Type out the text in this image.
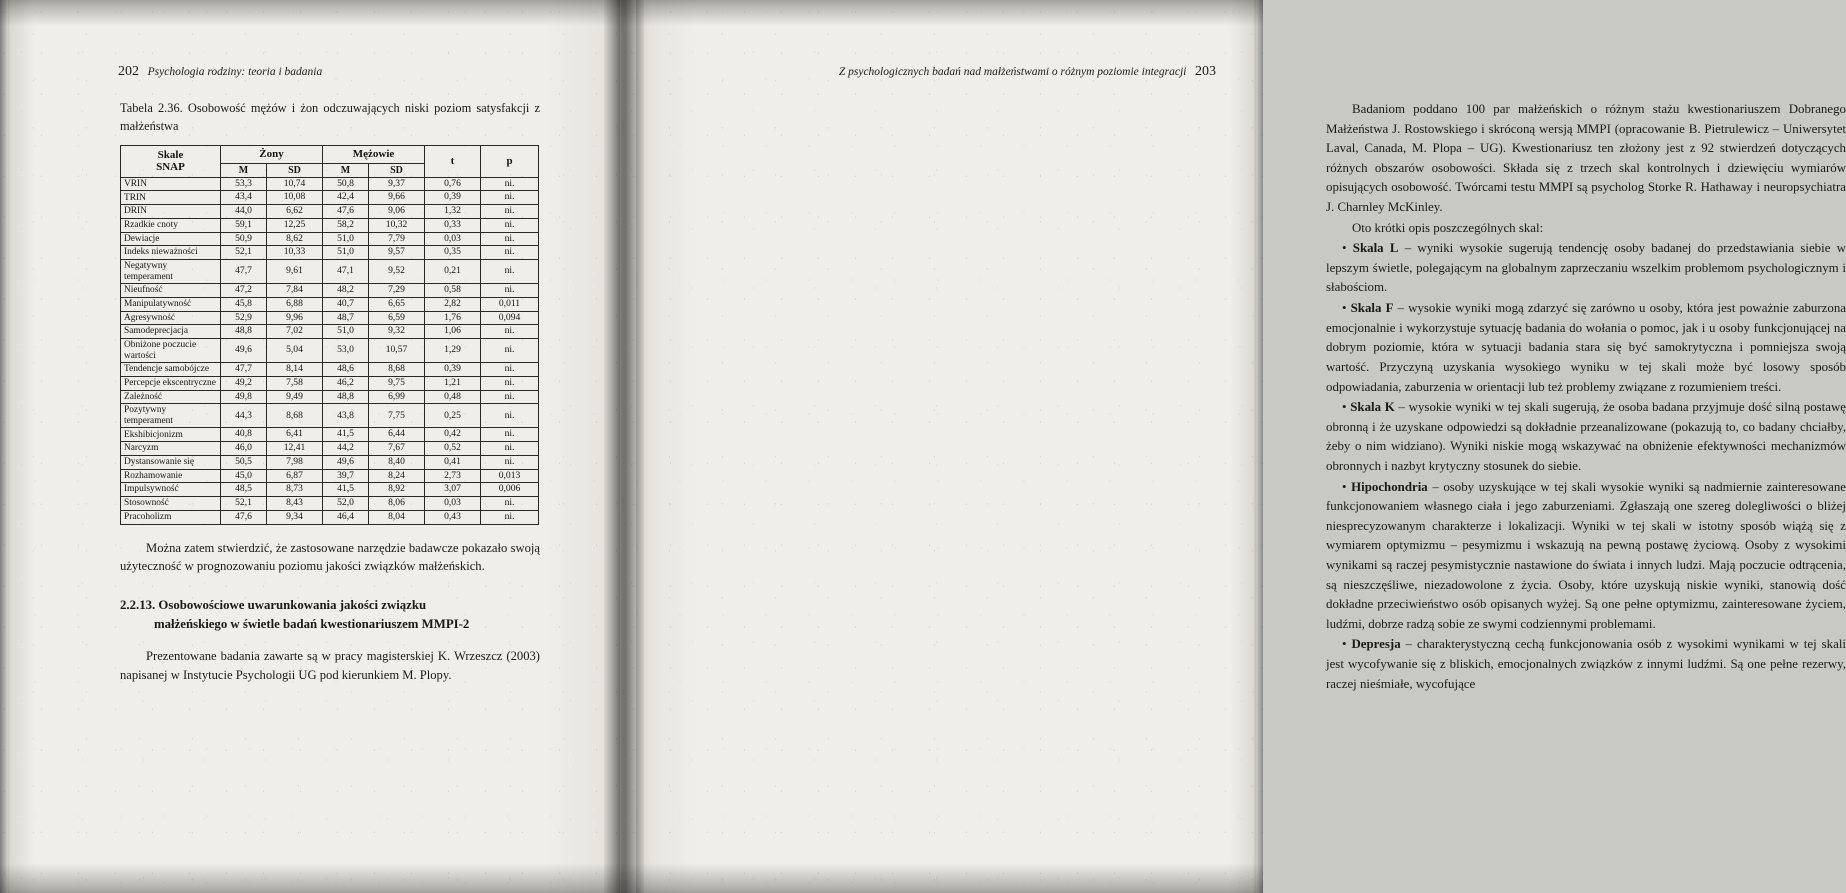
202 Psychologia rodziny: teoria i badania

Tabela 2.36. Osobowość mężów i żon odczuwających niski poziom satysfakcji z małżeństwa

Skale
SNAP	Żony		Mężowie		t	p
	M	SD	M	SD		
VRIN	53,3	10,74	50,8	9,37	0,76	ni.
TRIN	43,4	10,08	42,4	9,66	0,39	ni.
DRIN	44,0	6,62	47,6	9,06	1,32	ni.
Rzadkie cnoty	59,1	12,25	58,2	10,32	0,33	ni.
Dewiacje	50,9	8,62	51,0	7,79	0,03	ni.
Indeks nieważności	52,1	10,33	51,0	9,57	0,35	ni.
Negatywny temperament	47,7	9,61	47,1	9,52	0,21	ni.
Nieufność	47,2	7,84	48,2	7,29	0,58	ni.
Manipulatywność	45,8	6,88	40,7	6,65	2,82	0,011
Agresywność	52,9	9,96	48,7	6,59	1,76	0,094
Samodeprecjacja	48,8	7,02	51,0	9,32	1,06	ni.
Obniżone poczucie wartości	49,6	5,04	53,0	10,57	1,29	ni.
Tendencje samobójcze	47,7	8,14	48,6	8,68	0,39	ni.
Percepcje ekscentryczne	49,2	7,58	46,2	9,75	1,21	ni.
Zależność	49,8	9,49	48,8	6,99	0,48	ni.
Pozytywny temperament	44,3	8,68	43,8	7,75	0,25	ni.
Ekshibicjonizm	40,8	6,41	41,5	6,44	0,42	ni.
Narcyzm	46,0	12,41	44,2	7,67	0,52	ni.
Dystansowanie się	50,5	7,98	49,6	8,40	0,41	ni.
Rozhamowanie	45,0	6,87	39,7	8,24	2,73	0,013
Impulsywność	48,5	8,73	41,5	8,92	3,07	0,006
Stosowność	52,1	8,43	52,0	8,06	0,03	ni.
Pracoholizm	47,6	9,34	46,4	8,04	0,43	ni.

Można zatem stwierdzić, że zastosowane narzędzie badawcze pokazało swoją użyteczność w prognozowaniu poziomu jakości związków małżeńskich.

2.2.13. Osobowościowe uwarunkowania jakości związku
małżeńskiego w świetle badań kwestionariuszem MMPI-2

Prezentowane badania zawarte są w pracy magisterskiej K. Wrzeszcz (2003) napisanej w Instytucie Psychologii UG pod kierunkiem M. Plopy.

Z psychologicznych badań nad małżeństwami o różnym poziomie integracji 203

Badaniom poddano 100 par małżeńskich o różnym stażu kwestionariuszem Dobranego Małżeństwa J. Rostowskiego i skróconą wersją MMPI (opracowanie B. Pietrulewicz – Uniwersytet Laval, Canada, M. Plopa – UG). Kwestionariusz ten złożony jest z 92 stwierdzeń dotyczących różnych obszarów osobowości. Składa się z trzech skal kontrolnych i dziewięciu wymiarów opisujących osobowość. Twórcami testu MMPI są psycholog Storke R. Hathaway i neuropsychiatra J. Charnley McKinley.

Oto krótki opis poszczególnych skal:

• Skala L – wyniki wysokie sugerują tendencję osoby badanej do przedstawiania siebie w lepszym świetle, polegającym na globalnym zaprzeczaniu wszelkim problemom psychologicznym i słabościom.

• Skala F – wysokie wyniki mogą zdarzyć się zarówno u osoby, która jest poważnie zaburzona emocjonalnie i wykorzystuje sytuację badania do wołania o pomoc, jak i u osoby funkcjonującej na dobrym poziomie, która w sytuacji badania stara się być samokrytyczna i pomniejsza swoją wartość. Przyczyną uzyskania wysokiego wyniku w tej skali może być losowy sposób odpowiadania, zaburzenia w orientacji lub też problemy związane z rozumieniem treści.

• Skala K – wysokie wyniki w tej skali sugerują, że osoba badana przyjmuje dość silną postawę obronną i że uzyskane odpowiedzi są dokładnie przeanalizowane (pokazują to, co badany chciałby, żeby o nim widziano). Wyniki niskie mogą wskazywać na obniżenie efektywności mechanizmów obronnych i nazbyt krytyczny stosunek do siebie.

• Hipochondria – osoby uzyskujące w tej skali wysokie wyniki są nadmiernie zainteresowane funkcjonowaniem własnego ciała i jego zaburzeniami. Zgłaszają one szereg dolegliwości o bliżej niesprecyzowanym charakterze i lokalizacji. Wyniki w tej skali w istotny sposób wiążą się z wymiarem optymizmu – pesymizmu i wskazują na pewną postawę życiową. Osoby z wysokimi wynikami są raczej pesymistycznie nastawione do świata i innych ludzi. Mają poczucie odtrącenia, są nieszczęśliwe, niezadowolone z życia. Osoby, które uzyskują niskie wyniki, stanowią dość dokładne przeciwieństwo osób opisanych wyżej. Są one pełne optymizmu, zainteresowane życiem, ludźmi, dobrze radzą sobie ze swymi codziennymi problemami.

• Depresja – charakterystyczną cechą funkcjonowania osób z wysokimi wynikami w tej skali jest wycofywanie się z bliskich, emocjonalnych związków z innymi ludźmi. Są one pełne rezerwy, raczej nieśmiałe, wycofujące
